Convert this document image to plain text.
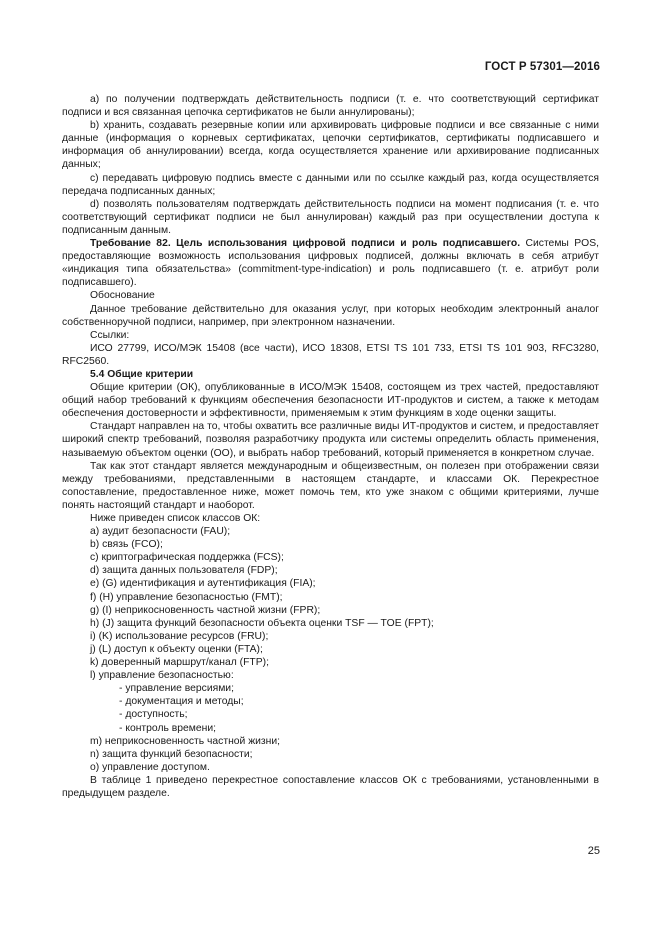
ГОСТ Р 57301—2016

a) по получении подтверждать действительность подписи (т. е. что соответствующий сертификат подписи и вся связанная цепочка сертификатов не были аннулированы);

b) хранить, создавать резервные копии или архивировать цифровые подписи и все связанные с ними данные (информация о корневых сертификатах, цепочки сертификатов, сертификаты подписавшего и информация об аннулировании) всегда, когда осуществляется хранение или архивирование подписанных данных;

c) передавать цифровую подпись вместе с данными или по ссылке каждый раз, когда осуществляется передача подписанных данных;

d) позволять пользователям подтверждать действительность подписи на момент подписания (т. е. что соответствующий сертификат подписи не был аннулирован) каждый раз при осуществлении доступа к подписанным данным.

Требование 82. Цель использования цифровой подписи и роль подписавшего. Системы POS, предоставляющие возможность использования цифровых подписей, должны включать в себя атрибут «индикация типа обязательства» (commitment-type-indication) и роль подписавшего (т. е. атрибут роли подписавшего).

Обоснование

Данное требование действительно для оказания услуг, при которых необходим электронный аналог собственноручной подписи, например, при электронном назначении.

Ссылки:

ИСО 27799, ИСО/МЭК 15408 (все части), ИСО 18308, ETSI TS 101 733, ETSI TS 101 903, RFC3280, RFC2560.

5.4 Общие критерии

Общие критерии (ОК), опубликованные в ИСО/МЭК 15408, состоящем из трех частей, предоставляют общий набор требований к функциям обеспечения безопасности ИТ-продуктов и систем, а также к методам обеспечения достоверности и эффективности, применяемым к этим функциям в ходе оценки защиты.

Стандарт направлен на то, чтобы охватить все различные виды ИТ-продуктов и систем, и предоставляет широкий спектр требований, позволяя разработчику продукта или системы определить область применения, называемую объектом оценки (ОО), и выбрать набор требований, который применяется в конкретном случае.

Так как этот стандарт является международным и общеизвестным, он полезен при отображении связи между требованиями, представленными в настоящем стандарте, и классами ОК. Перекрестное сопоставление, предоставленное ниже, может помочь тем, кто уже знаком с общими критериями, лучше понять настоящий стандарт и наоборот.

Ниже приведен список классов ОК:

a) аудит безопасности (FAU);

b) связь (FCO);

c) криптографическая поддержка (FCS);

d) защита данных пользователя (FDP);

e) (G) идентификация и аутентификация (FIA);

f) (H) управление безопасностью (FMT);

g) (I) неприкосновенность частной жизни (FPR);

h) (J) защита функций безопасности объекта оценки TSF — TOE (FPT);

i) (K) использование ресурсов (FRU);

j) (L) доступ к объекту оценки (FTA);

k) доверенный маршрут/канал (FTP);

l) управление безопасностью:

- управление версиями;

- документация и методы;

- доступность;

- контроль времени;

m) неприкосновенность частной жизни;

n) защита функций безопасности;

o) управление доступом.

В таблице 1 приведено перекрестное сопоставление классов ОК с требованиями, установленными в предыдущем разделе.

25
